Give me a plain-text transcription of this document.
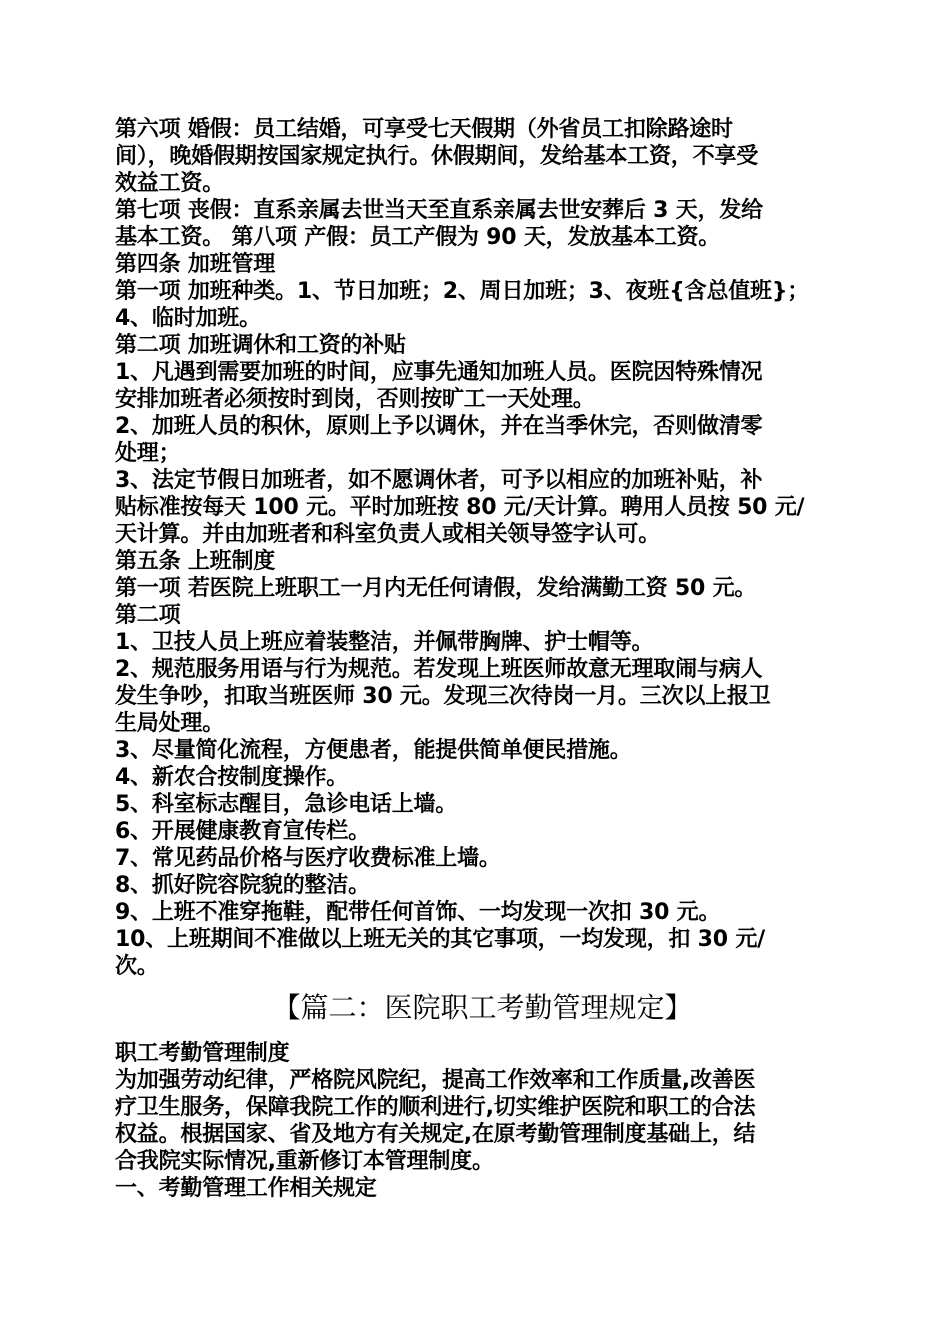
第六项 婚假：员工结婚，可享受七天假期（外省员工扣除路途时
间），晚婚假期按国家规定执行。休假期间，发给基本工资，不享受
效益工资。
第七项 丧假：直系亲属去世当天至直系亲属去世安葬后 3 天，发给
基本工资。 第八项 产假：员工产假为 90 天，发放基本工资。
第四条 加班管理
第一项 加班种类。1、节日加班；2、周日加班；3、夜班{含总值班}；
4、临时加班。
第二项 加班调休和工资的补贴
1、凡遇到需要加班的时间，应事先通知加班人员。医院因特殊情况
安排加班者必须按时到岗，否则按旷工一天处理。
2、加班人员的积休，原则上予以调休，并在当季休完，否则做清零
处理；
3、法定节假日加班者，如不愿调休者，可予以相应的加班补贴，补
贴标准按每天 100 元。平时加班按 80 元/天计算。聘用人员按 50 元/
天计算。并由加班者和科室负责人或相关领导签字认可。
第五条 上班制度
第一项 若医院上班职工一月内无任何请假，发给满勤工资 50 元。
第二项
1、卫技人员上班应着装整洁，并佩带胸牌、护士帽等。
2、规范服务用语与行为规范。若发现上班医师故意无理取闹与病人
发生争吵，扣取当班医师 30 元。发现三次待岗一月。三次以上报卫
生局处理。
3、尽量简化流程，方便患者，能提供简单便民措施。
4、新农合按制度操作。
5、科室标志醒目，急诊电话上墙。
6、开展健康教育宣传栏。
7、常见药品价格与医疗收费标准上墙。
8、抓好院容院貌的整洁。
9、上班不准穿拖鞋，配带任何首饰、一均发现一次扣 30 元。
10、上班期间不准做以上班无关的其它事项，一均发现，扣 30 元/
次。
【篇二：医院职工考勤管理规定】
职工考勤管理制度
为加强劳动纪律，严格院风院纪，提高工作效率和工作质量,改善医
疗卫生服务，保障我院工作的顺利进行,切实维护医院和职工的合法
权益。根据国家、省及地方有关规定,在原考勤管理制度基础上，结
合我院实际情况,重新修订本管理制度。
一、考勤管理工作相关规定
